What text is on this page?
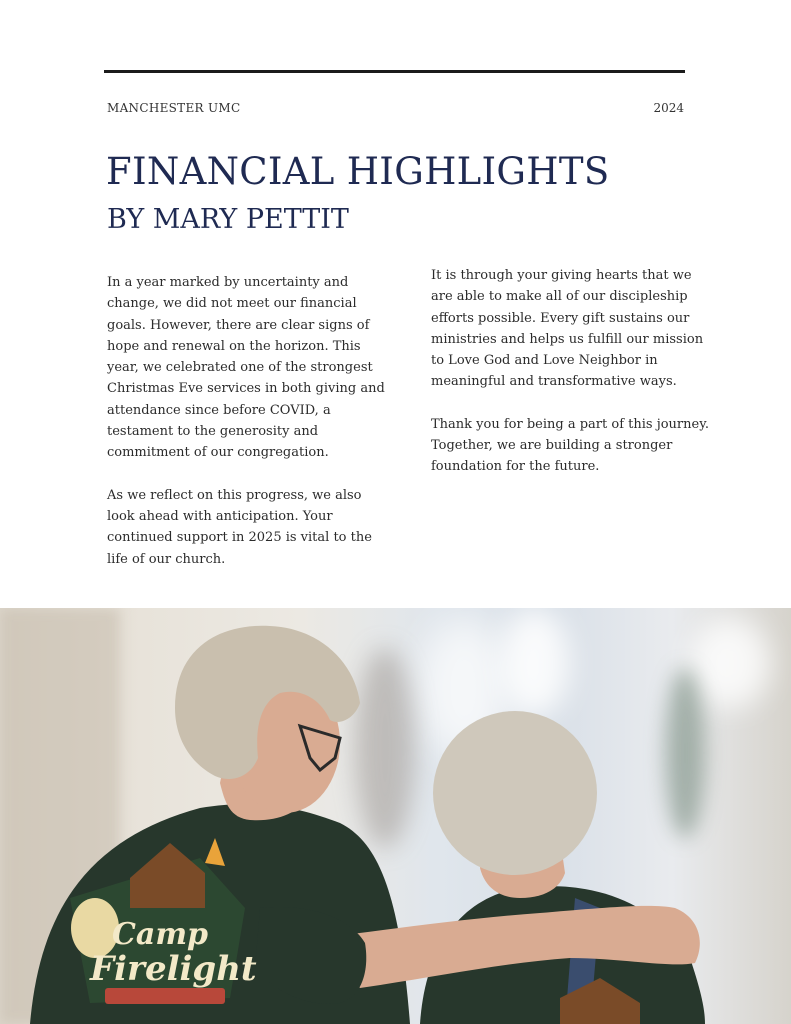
MANCHESTER UMC	2024
FINANCIAL HIGHLIGHTS
BY MARY PETTIT

In a year marked by uncertainty and change, we did not meet our financial goals. However, there are clear signs of hope and renewal on the horizon. This year, we celebrated one of the strongest Christmas Eve services in both giving and attendance since before COVID, a testament to the generosity and commitment of our congregation.

As we reflect on this progress, we also look ahead with anticipation. Your continued support in 2025 is vital to the life of our church.

It is through your giving hearts that we are able to make all of our discipleship efforts possible. Every gift sustains our ministries and helps us fulfill our mission to Love God and Love Neighbor in meaningful and transformative ways.

Thank you for being a part of this journey. Together, we are building a stronger foundation for the future.

Camp
Firelight
